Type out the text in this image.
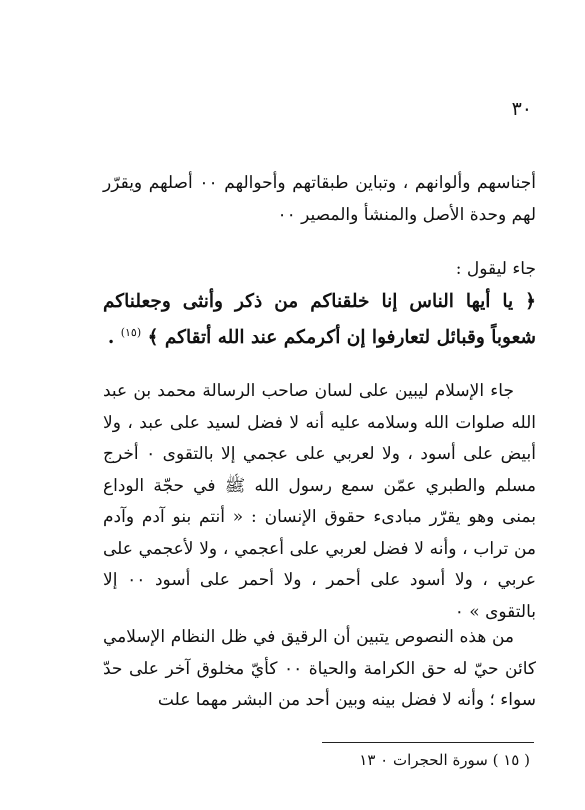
٣٠

أجناسهم وألوانهم ، وتباين طبقاتهم وأحوالهم ٠٠ أصلهم ويقرّر لهم وحدة الأصل والمنشأ والمصير ٠٠

جاء ليقول :

﴿ يا أيها الناس إنا خلقناكم من ذكر وأنثى وجعلناكم شعوباً وقبائل لتعارفوا إن أكرمكم عند الله أتقاكم ﴾ $^{(١٥)}$ .

جاء الإسلام ليبين على لسان صاحب الرسالة محمد بن عبد الله صلوات الله وسلامه عليه أنه لا فضل لسيد على عبد ، ولا أبيض على أسود ، ولا لعربي على عجمي إلا بالتقوى ٠ أخرج مسلم والطبري عمّن سمع رسول الله ﷺ في حجّة الوداع بمنى وهو يقرّر مبادىء حقوق الإنسان : « أنتم بنو آدم وآدم من تراب ، وأنه لا فضل لعربي على أعجمي ، ولا لأعجمي على عربي ، ولا أسود على أحمر ، ولا أحمر على أسود ٠٠ إلا بالتقوى » ٠

من هذه النصوص يتبين أن الرقيق في ظل النظام الإسلامي كائن حيّ له حق الكرامة والحياة ٠٠ كأيّ مخلوق آخر على حدّ سواء ؛ وأنه لا فضل بينه وبين أحد من البشر مهما علت

( ١٥ ) سورة الحجرات ٠ ١٣
